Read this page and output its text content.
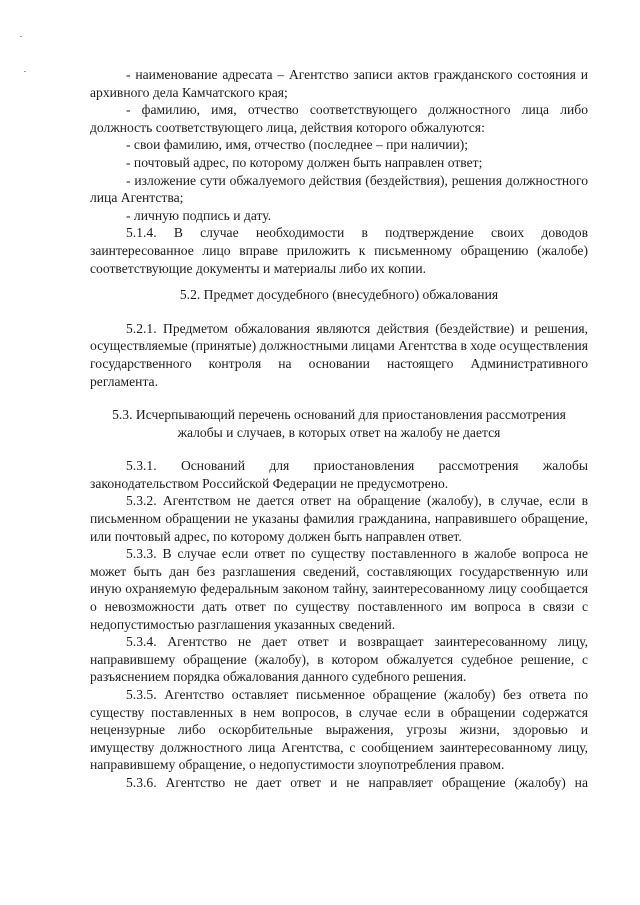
- наименование адресата – Агентство записи актов гражданского состояния и архивного дела Камчатского края;

- фамилию, имя, отчество соответствующего должностного лица либо должность соответствующего лица, действия которого обжалуются:

- свои фамилию, имя, отчество (последнее – при наличии);

- почтовый адрес, по которому должен быть направлен ответ;

- изложение сути обжалуемого действия (бездействия), решения должностного лица Агентства;

- личную подпись и дату.

5.1.4. В случае необходимости в подтверждение своих доводов заинтересованное лицо вправе приложить к письменному обращению (жалобе) соответствующие документы и материалы либо их копии.

5.2. Предмет досудебного (внесудебного) обжалования

5.2.1. Предметом обжалования являются действия (бездействие) и решения, осуществляемые (принятые) должностными лицами Агентства в ходе осуществления государственного контроля на основании настоящего Административного регламента.

5.3. Исчерпывающий перечень оснований для приостановления рассмотрения
жалобы и случаев, в которых ответ на жалобу не дается

5.3.1. Оснований для приостановления рассмотрения жалобы законодательством Российской Федерации не предусмотрено.

5.3.2. Агентством не дается ответ на обращение (жалобу), в случае, если в письменном обращении не указаны фамилия гражданина, направившего обращение, или почтовый адрес, по которому должен быть направлен ответ.

5.3.3. В случае если ответ по существу поставленного в жалобе вопроса не может быть дан без разглашения сведений, составляющих государственную или иную охраняемую федеральным законом тайну, заинтересованному лицу сообщается о невозможности дать ответ по существу поставленного им вопроса в связи с недопустимостью разглашения указанных сведений.

5.3.4. Агентство не дает ответ и возвращает заинтересованному лицу, направившему обращение (жалобу), в котором обжалуется судебное решение, с разъяснением порядка обжалования данного судебного решения.

5.3.5. Агентство оставляет письменное обращение (жалобу) без ответа по существу поставленных в нем вопросов, в случае если в обращении содержатся нецензурные либо оскорбительные выражения, угрозы жизни, здоровью и имуществу должностного лица Агентства, с сообщением заинтересованному лицу, направившему обращение, о недопустимости злоупотребления правом.

5.3.6. Агентство не дает ответ и не направляет обращение (жалобу) на
